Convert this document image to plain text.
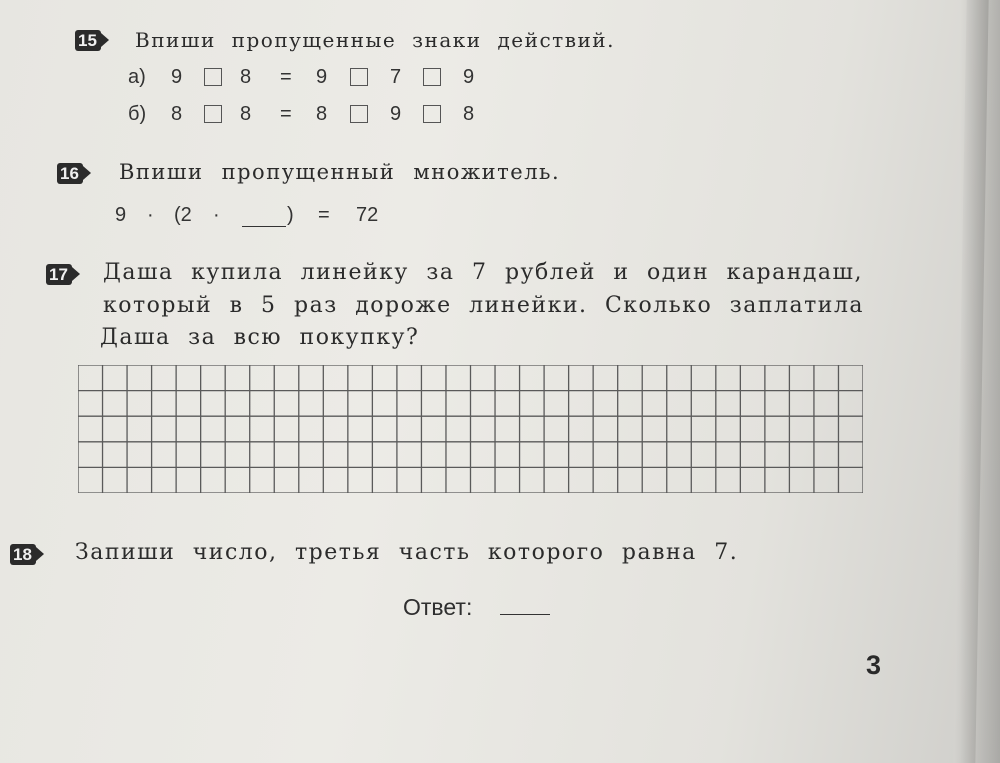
15 Впиши пропущенные знаки действий.
а) 9	8 = 9	7	9
б) 8	8 = 8	9	8
16 Впиши пропущенный множитель.
9 · (2 ·	) = 72
17 Даша купила линейку за 7 рублей и один карандаш,
который в 5 раз дороже линейки. Сколько заплатила
Даша за всю покупку?
18 Запиши число, третья часть которого равна 7.
Ответ:
3
